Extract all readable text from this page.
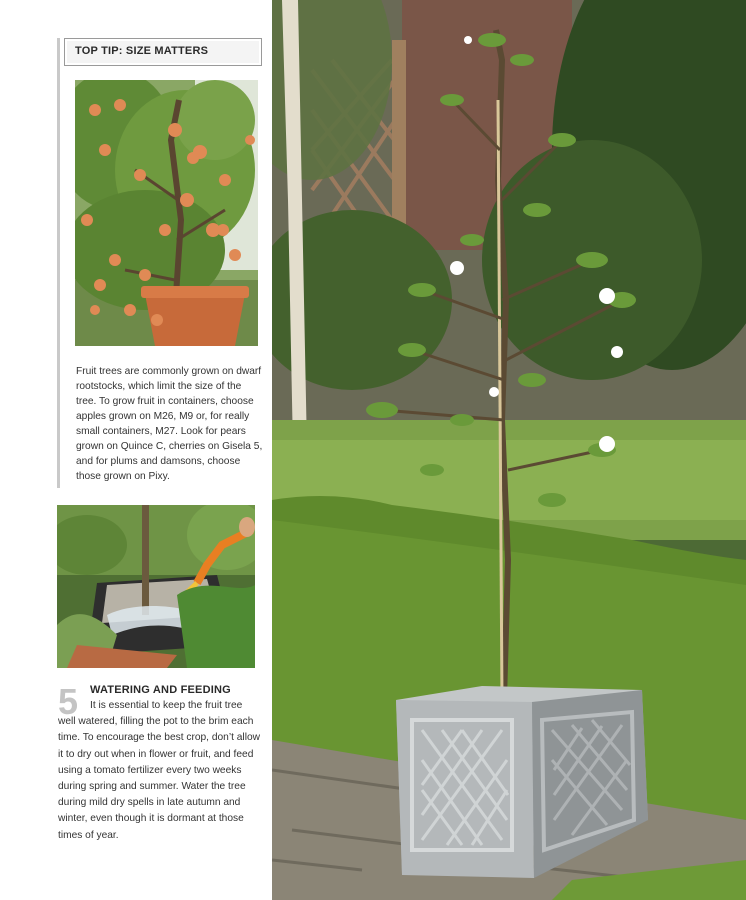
TOP TIP: SIZE MATTERS
Fruit trees are commonly grown on dwarf rootstocks, which limit the size of the tree. To grow fruit in containers, choose apples grown on M26, M9 or, for really small containers, M27. Look for pears grown on Quince C, cherries on Gisela 5, and for plums and damsons, choose those grown on Pixy.
5 WATERING AND FEEDING
It is essential to keep the fruit tree well watered, filling the pot to the brim each time. To encourage the best crop, don’t allow it to dry out when in flower or fruit, and feed using a tomato fertilizer every two weeks during spring and summer. Water the tree during mild dry spells in late autumn and winter, even though it is dormant at those times of year.
